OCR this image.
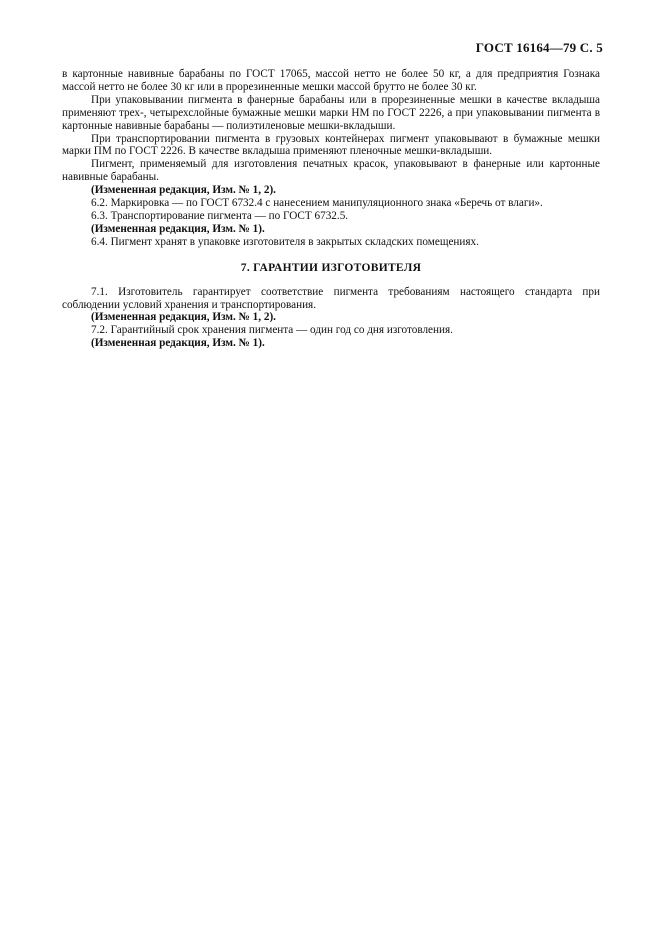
ГОСТ 16164—79 С. 5

в картонные навивные барабаны по ГОСТ 17065, массой нетто не более 50 кг, а для предприятия Гознака массой нетто не более 30 кг или в прорезиненные мешки массой брутто не более 30 кг.

При упаковывании пигмента в фанерные барабаны или в прорезиненные мешки в качестве вкладыша применяют трех-, четырехслойные бумажные мешки марки НМ по ГОСТ 2226, а при упаковывании пигмента в картонные навивные барабаны — полиэтиленовые мешки-вкладыши.

При транспортировании пигмента в грузовых контейнерах пигмент упаковывают в бумажные мешки марки ПМ по ГОСТ 2226. В качестве вкладыша применяют пленочные мешки-вкладыши.

Пигмент, применяемый для изготовления печатных красок, упаковывают в фанерные или картонные навивные барабаны.

(Измененная редакция, Изм. № 1, 2).

6.2. Маркировка — по ГОСТ 6732.4 с нанесением манипуляционного знака «Беречь от влаги».

6.3. Транспортирование пигмента — по ГОСТ 6732.5.

(Измененная редакция, Изм. № 1).

6.4. Пигмент хранят в упаковке изготовителя в закрытых складских помещениях.

7. ГАРАНТИИ ИЗГОТОВИТЕЛЯ

7.1. Изготовитель гарантирует соответствие пигмента требованиям настоящего стандарта при соблюдении условий хранения и транспортирования.

(Измененная редакция, Изм. № 1, 2).

7.2. Гарантийный срок хранения пигмента — один год со дня изготовления.

(Измененная редакция, Изм. № 1).
